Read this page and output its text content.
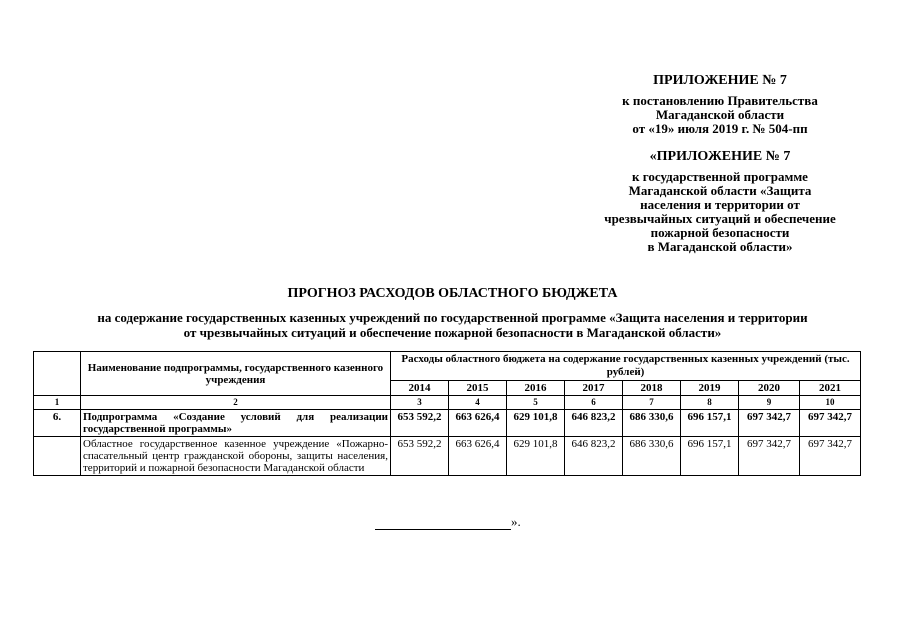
ПРИЛОЖЕНИЕ № 7
к постановлению Правительства
Магаданской области
от «19» июля 2019 г. № 504-пп
«ПРИЛОЖЕНИЕ № 7
к государственной программе
Магаданской области «Защита
населения и территории от
чрезвычайных ситуаций и обеспечение
пожарной безопасности
в Магаданской области»
ПРОГНОЗ РАСХОДОВ ОБЛАСТНОГО БЮДЖЕТА
на содержание государственных казенных учреждений по государственной программе «Защита населения и территории
от чрезвычайных ситуаций и обеспечение пожарной безопасности в Магаданской области»
	Наименование подпрограммы, государственного казенного учреждения	Расходы областного бюджета на содержание государственных казенных учреждений (тыс. рублей)							
		2014	2015	2016	2017	2018	2019	2020	2021
1	2	3	4	5	6	7	8	9	10
6.	Подпрограмма «Создание условий для реализации государственной программы»	653 592,2	663 626,4	629 101,8	646 823,2	686 330,6	696 157,1	697 342,7	697 342,7
	Областное государственное казенное учреждение «Пожарно-спасательный центр гражданской обороны, защиты населения, территорий и пожарной безопасности Магаданской области	653 592,2	663 626,4	629 101,8	646 823,2	686 330,6	696 157,1	697 342,7	697 342,7
».
